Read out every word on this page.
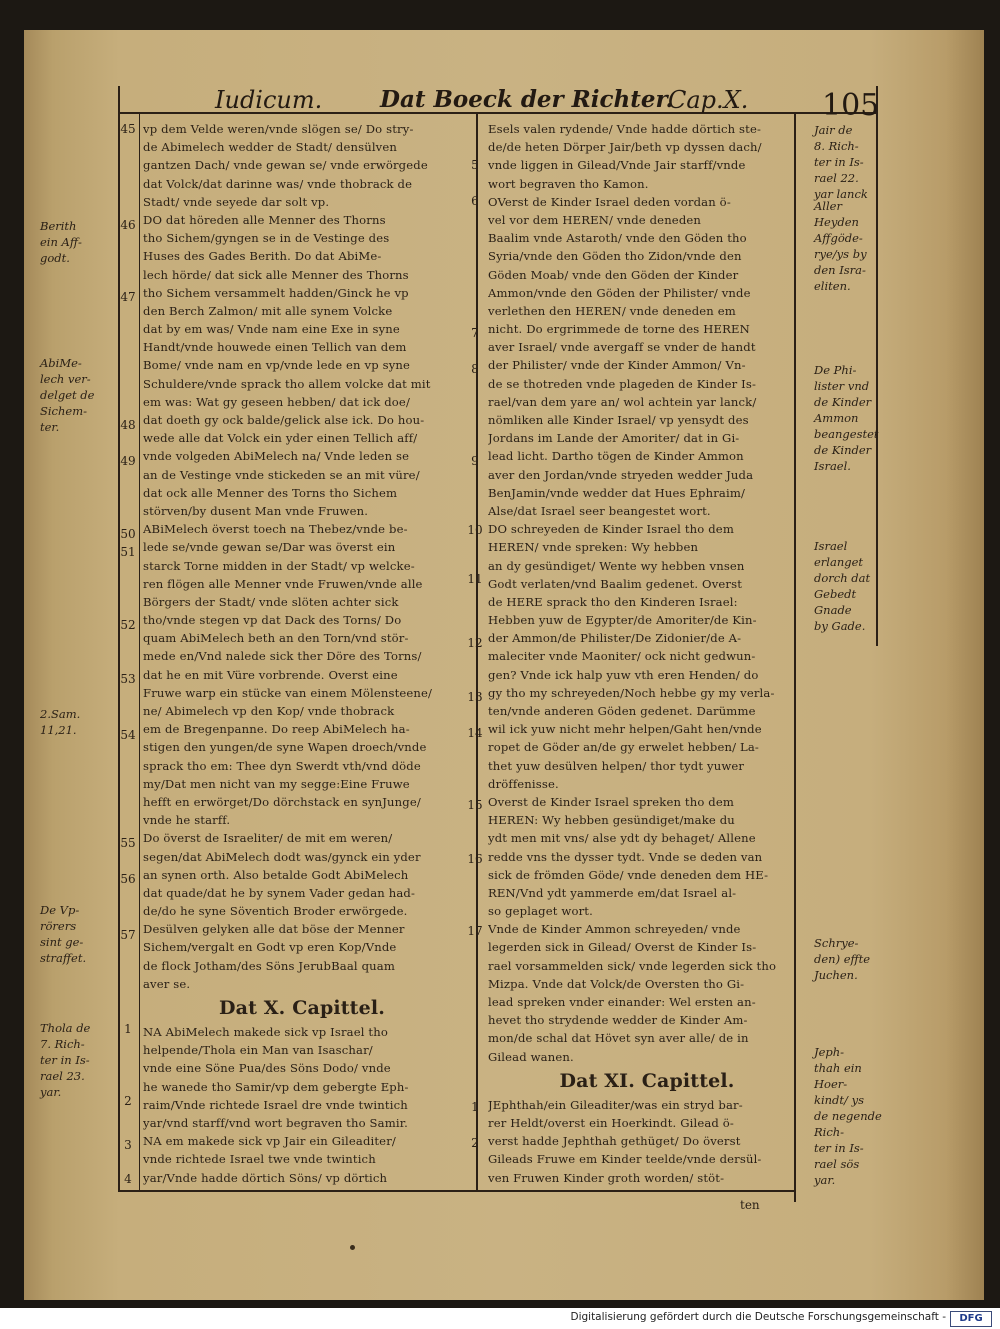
Iudicum.	Dat Boeck der Richter.
Cap.X. 105
vp dem Velde weren/vnde slögen se/ Do stry-
de Abimelech wedder de Stadt/ densülven
gantzen Dach/ vnde gewan se/ vnde erwörgede
dat Volck/dat darinne was/ vnde thobrack de
Stadt/ vnde seyede dar solt vp.
DO dat höreden alle Menner des Thorns
tho Sichem/gyngen se in de Vestinge des
Huses des Gades Berith. Do dat AbiMe-
lech hörde/ dat sick alle Menner des Thorns
tho Sichem versammelt hadden/Ginck he vp
den Berch Zalmon/ mit alle synem Volcke
dat by em was/ Vnde nam eine Exe in syne
Handt/vnde houwede einen Tellich van dem
Bome/ vnde nam en vp/vnde lede en vp syne
Schuldere/vnde sprack tho allem volcke dat mit
em was: Wat gy geseen hebben/ dat ick doe/
dat doeth gy ock balde/gelick alse ick. Do hou-
wede alle dat Volck ein yder einen Tellich aff/
vnde volgeden AbiMelech na/ Vnde leden se
an de Vestinge vnde stickeden se an mit vüre/
dat ock alle Menner des Torns tho Sichem
störven/by dusent Man vnde Fruwen.
ABiMelech överst toech na Thebez/vnde be-
lede se/vnde gewan se/Dar was överst ein
starck Torne midden in der Stadt/ vp welcke-
ren flögen alle Menner vnde Fruwen/vnde alle
Börgers der Stadt/ vnde slöten achter sick
tho/vnde stegen vp dat Dack des Torns/ Do
quam AbiMelech beth an den Torn/vnd stör-
mede en/Vnd nalede sick ther Döre des Torns/
dat he en mit Vüre vorbrende. Overst eine
Fruwe warp ein stücke van einem Mölensteene/
ne/ Abimelech vp den Kop/ vnde thobrack
em de Bregenpanne. Do reep AbiMelech ha-
stigen den yungen/de syne Wapen droech/vnde
sprack tho em: Thee dyn Swerdt vth/vnd döde
my/Dat men nicht van my segge:Eine Fruwe
hefft en erwörget/Do dörchstack en synJunge/
vnde he starff.
Do överst de Israeliter/ de mit em weren/
segen/dat AbiMelech dodt was/gynck ein yder
an synen orth. Also betalde Godt AbiMelech
dat quade/dat he by synem Vader gedan had-
de/do he syne Söventich Broder erwörgede.
Desülven gelyken alle dat böse der Menner
Sichem/vergalt en Godt vp eren Kop/Vnde
de flock Jotham/des Söns JerubBaal quam
aver se.
Dat X. Capittel.
NA AbiMelech makede sick vp Israel tho
helpende/Thola ein Man van Isaschar/
vnde eine Söne Pua/des Söns Dodo/ vnde
he wanede tho Samir/vp dem gebergte Eph-
raim/Vnde richtede Israel dre vnde twintich
yar/vnd starff/vnd wort begraven tho Samir.
NA em makede sick vp Jair ein Gileaditer/
vnde richtede Israel twe vnde twintich
yar/Vnde hadde dörtich Söns/ vp dörtich
Esels valen rydende/ Vnde hadde dörtich ste-
de/de heten Dörper Jair/beth vp dyssen dach/
vnde liggen in Gilead/Vnde Jair starff/vnde
wort begraven tho Kamon.
OVerst de Kinder Israel deden vordan ö-
vel vor dem HEREN/ vnde deneden
Baalim vnde Astaroth/ vnde den Göden tho
Syria/vnde den Göden tho Zidon/vnde den
Göden Moab/ vnde den Göden der Kinder
Ammon/vnde den Göden der Philister/ vnde
verlethen den HEREN/ vnde deneden em
nicht. Do ergrimmede de torne des HEREN
aver Israel/ vnde avergaff se vnder de handt
der Philister/ vnde der Kinder Ammon/ Vn-
de se thotreden vnde plageden de Kinder Is-
rael/van dem yare an/ wol achtein yar lanck/
nömliken alle Kinder Israel/ vp yensydt des
Jordans im Lande der Amoriter/ dat in Gi-
lead licht. Dartho tögen de Kinder Ammon
aver den Jordan/vnde stryeden wedder Juda
BenJamin/vnde wedder dat Hues Ephraim/
Alse/dat Israel seer beangestet wort.
DO schreyeden de Kinder Israel tho dem
HEREN/ vnde spreken: Wy hebben
an dy gesündiget/ Wente wy hebben vnsen
Godt verlaten/vnd Baalim gedenet. Overst
de HERE sprack tho den Kinderen Israel:
Hebben yuw de Egypter/de Amoriter/de Kin-
der Ammon/de Philister/De Zidonier/de A-
maleciter vnde Maoniter/ ock nicht gedwun-
gen? Vnde ick halp yuw vth eren Henden/ do
gy tho my schreyeden/Noch hebbe gy my verla-
ten/vnde anderen Göden gedenet. Darümme
wil ick yuw nicht mehr helpen/Gaht hen/vnde
ropet de Göder an/de gy erwelet hebben/ La-
thet yuw desülven helpen/ thor tydt yuwer
dröffenisse.
Overst de Kinder Israel spreken tho dem
HEREN: Wy hebben gesündiget/make du
ydt men mit vns/ alse ydt dy behaget/ Allene
redde vns the dysser tydt. Vnde se deden van
sick de frömden Göde/ vnde deneden dem HE-
REN/Vnd ydt yammerde em/dat Israel al-
so geplaget wort.
Vnde de Kinder Ammon schreyeden/ vnde
legerden sick in Gilead/ Overst de Kinder Is-
rael vorsammelden sick/ vnde legerden sick tho
Mizpa. Vnde dat Volck/de Oversten tho Gi-
lead spreken vnder einander: Wel ersten an-
hevet tho strydende wedder de Kinder Am-
mon/de schal dat Hövet syn aver alle/ de in
Gilead wanen.
Dat XI. Capittel.
JEphthah/ein Gileaditer/was ein stryd bar-
rer Heldt/overst ein Hoerkindt. Gilead ö-
verst hadde Jephthah gethüget/ Do överst
Gileads Fruwe em Kinder teelde/vnde dersül-
ven Fruwen Kinder groth worden/ stöt-
45
46
47
48
49
50
51
52
53
54
55
56
57
1
2
3
4
5
6
7
8
9
10
11
12
13
14
15
16
17
1
2
Berith
ein Aff-
godt.
AbiMe-
lech ver-
delget de
Sichem-
ter.
2.Sam.
11,21.
De Vp-
rörers
sint ge-
straffet.
Thola de
7. Rich-
ter in Is-
rael 23.
yar.
Jair de
8. Rich-
ter in Is-
rael 22.
yar lanck
Aller
Heyden
Affgöde-
rye/ys by
den Isra-
eliten.
De Phi-
lister vnd
de Kinder
Ammon
beangestet
de Kinder
Israel.
Israel
erlanget
dorch dat
Gebedt
Gnade
by Gade.
Schrye-
den) effte
Juchen.
Jeph-
thah ein
Hoer-
kindt/ ys
de negende
Rich-
ter in Is-
rael sös
yar.
ten
Digitalisierung gefördert durch die Deutsche Forschungsgemeinschaft -	DFG
